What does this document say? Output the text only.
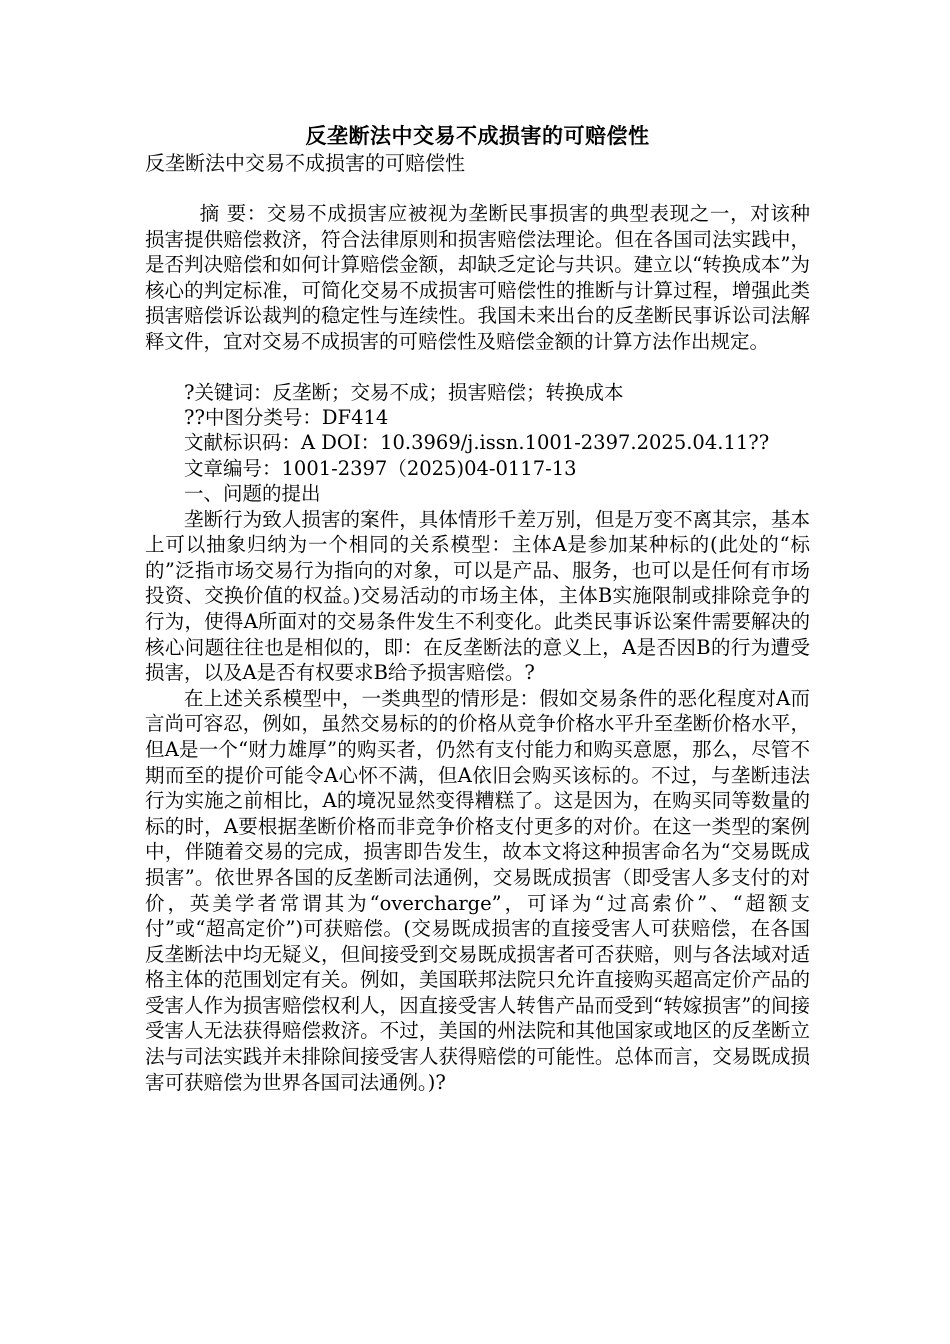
反垄断法中交易不成损害的可赔偿性

反垄断法中交易不成损害的可赔偿性

摘 要：交易不成损害应被视为垄断民事损害的典型表现之一，对该种损害提供赔偿救济，符合法律原则和损害赔偿法理论。但在各国司法实践中，是否判决赔偿和如何计算赔偿金额，却缺乏定论与共识。建立以“转换成本”为核心的判定标准，可简化交易不成损害可赔偿性的推断与计算过程，增强此类损害赔偿诉讼裁判的稳定性与连续性。我国未来出台的反垄断民事诉讼司法解释文件，宜对交易不成损害的可赔偿性及赔偿金额的计算方法作出规定。

?关键词：反垄断；交易不成；损害赔偿；转换成本

??中图分类号：DF414

文献标识码：A DOI：10.3969/j.issn.1001-2397.2025.04.11??

文章编号：1001-2397（2025)04-0117-13

一、问题的提出

垄断行为致人损害的案件，具体情形千差万别，但是万变不离其宗，基本上可以抽象归纳为一个相同的关系模型：主体A是参加某种标的(此处的“标的”泛指市场交易行为指向的对象，可以是产品、服务，也可以是任何有市场投资、交换价值的权益。)交易活动的市场主体，主体B实施限制或排除竞争的行为，使得A所面对的交易条件发生不利变化。此类民事诉讼案件需要解决的核心问题往往也是相似的，即：在反垄断法的意义上，A是否因B的行为遭受损害，以及A是否有权要求B给予损害赔偿。?

在上述关系模型中，一类典型的情形是：假如交易条件的恶化程度对A而言尚可容忍，例如，虽然交易标的的价格从竞争价格水平升至垄断价格水平，但A是一个“财力雄厚”的购买者，仍然有支付能力和购买意愿，那么，尽管不期而至的提价可能令A心怀不满，但A依旧会购买该标的。不过，与垄断违法行为实施之前相比，A的境况显然变得糟糕了。这是因为，在购买同等数量的标的时，A要根据垄断价格而非竞争价格支付更多的对价。在这一类型的案例中，伴随着交易的完成，损害即告发生，故本文将这种损害命名为“交易既成损害”。依世界各国的反垄断司法通例，交易既成损害（即受害人多支付的对价，英美学者常谓其为“overcharge”，可译为“过高索价”、“超额支付”或“超高定价”)可获赔偿。(交易既成损害的直接受害人可获赔偿，在各国反垄断法中均无疑义，但间接受到交易既成损害者可否获赔，则与各法域对适格主体的范围划定有关。例如，美国联邦法院只允许直接购买超高定价产品的受害人作为损害赔偿权利人，因直接受害人转售产品而受到“转嫁损害”的间接受害人无法获得赔偿救济。不过，美国的州法院和其他国家或地区的反垄断立法与司法实践并未排除间接受害人获得赔偿的可能性。总体而言，交易既成损害可获赔偿为世界各国司法通例。)?
